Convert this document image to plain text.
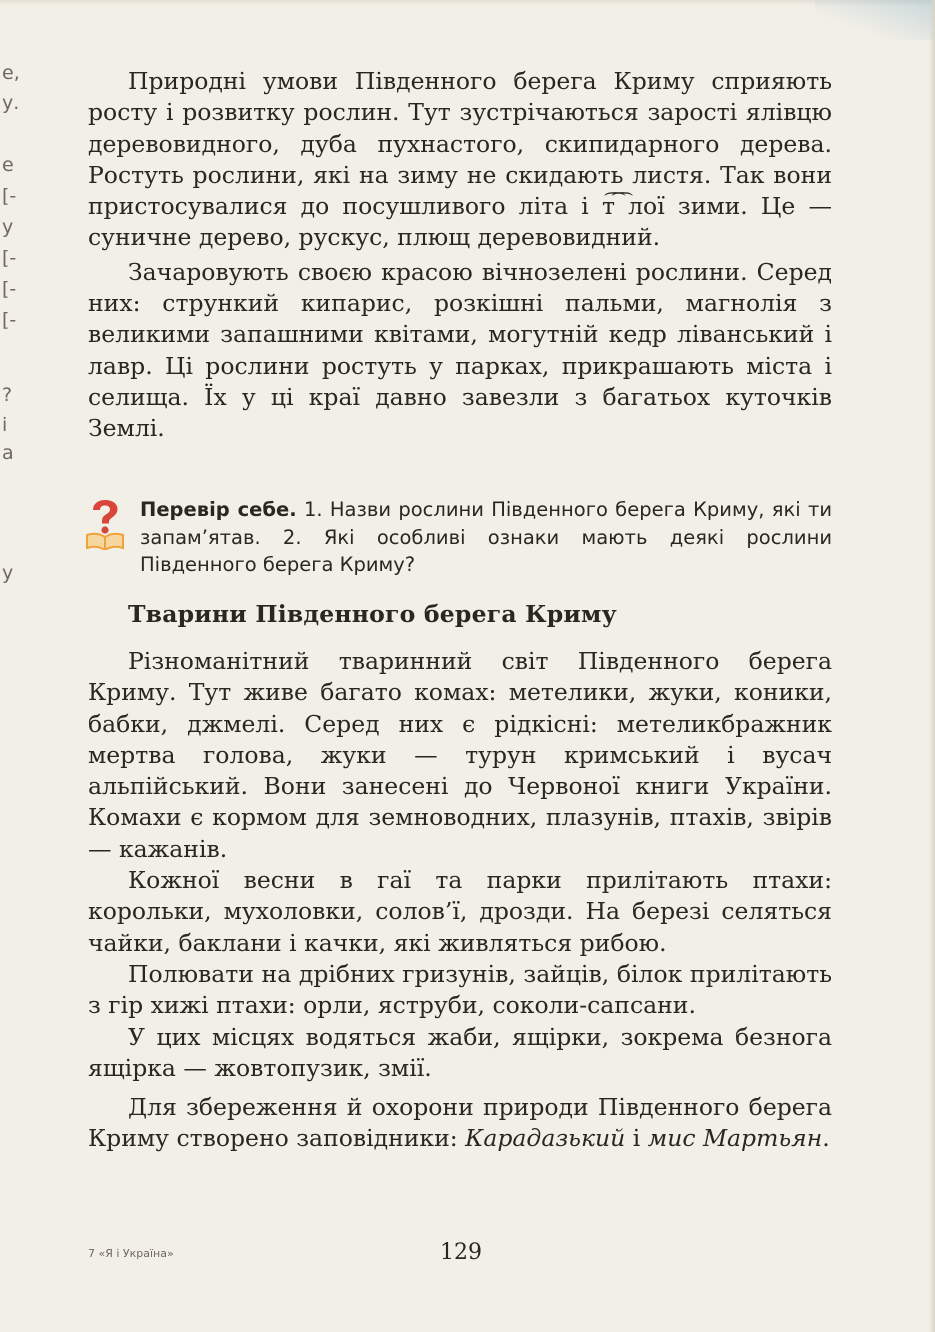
e,
у.
e
[-
у
[-
[-
[-
?
і
а
у

Природні умови Південного берега Криму сприяють росту і розвитку рослин. Тут зустрічаються зарості ялівцю деревовидного, дуба пухнастого, скипидарного дерева. Ростуть рослини, які на зиму не скидають листя. Так вони пристосувалися до посушливого літа і т͡ ͡лої зими. Це — суничне дерево, рускус, плющ деревовидний.

Зачаровують своєю красою вічнозелені рослини. Серед них: стрункий кипарис, розкішні пальми, магнолія з великими запашними квітами, могутній кедр ліванський і лавр. Ці рослини ростуть у парках, прикрашають міста і селища. Їх у ці краї давно завезли з багатьох куточків Землі.

Перевір себе. 1. Назви рослини Південного берега Криму, які ти запам’ятав. 2. Які особливі ознаки мають деякі рослини Південного берега Криму?
Тварини Південного берега Криму

Різноманітний тваринний світ Південного берега Криму. Тут живе багато комах: метелики, жуки, коники, бабки, джмелі. Серед них є рідкісні: метеликбражник мертва голова, жуки — турун кримський і вусач альпійський. Вони занесені до Червоної книги України. Комахи є кормом для земноводних, плазунів, птахів, звірів — кажанів.

Кожної весни в гаї та парки прилітають птахи: корольки, мухоловки, солов’ї, дрозди. На березі селяться чайки, баклани і качки, які живляться рибою.

Полювати на дрібних гризунів, зайців, білок прилітають з гір хижі птахи: орли, яструби, соколи-сапсани.

У цих місцях водяться жаби, ящірки, зокрема безнога ящірка — жовтопузик, змії.

Для збереження й охорони природи Південного берега Криму створено заповідники: Карадазький і мис Мартьян.

7 «Я і Україна»	129
